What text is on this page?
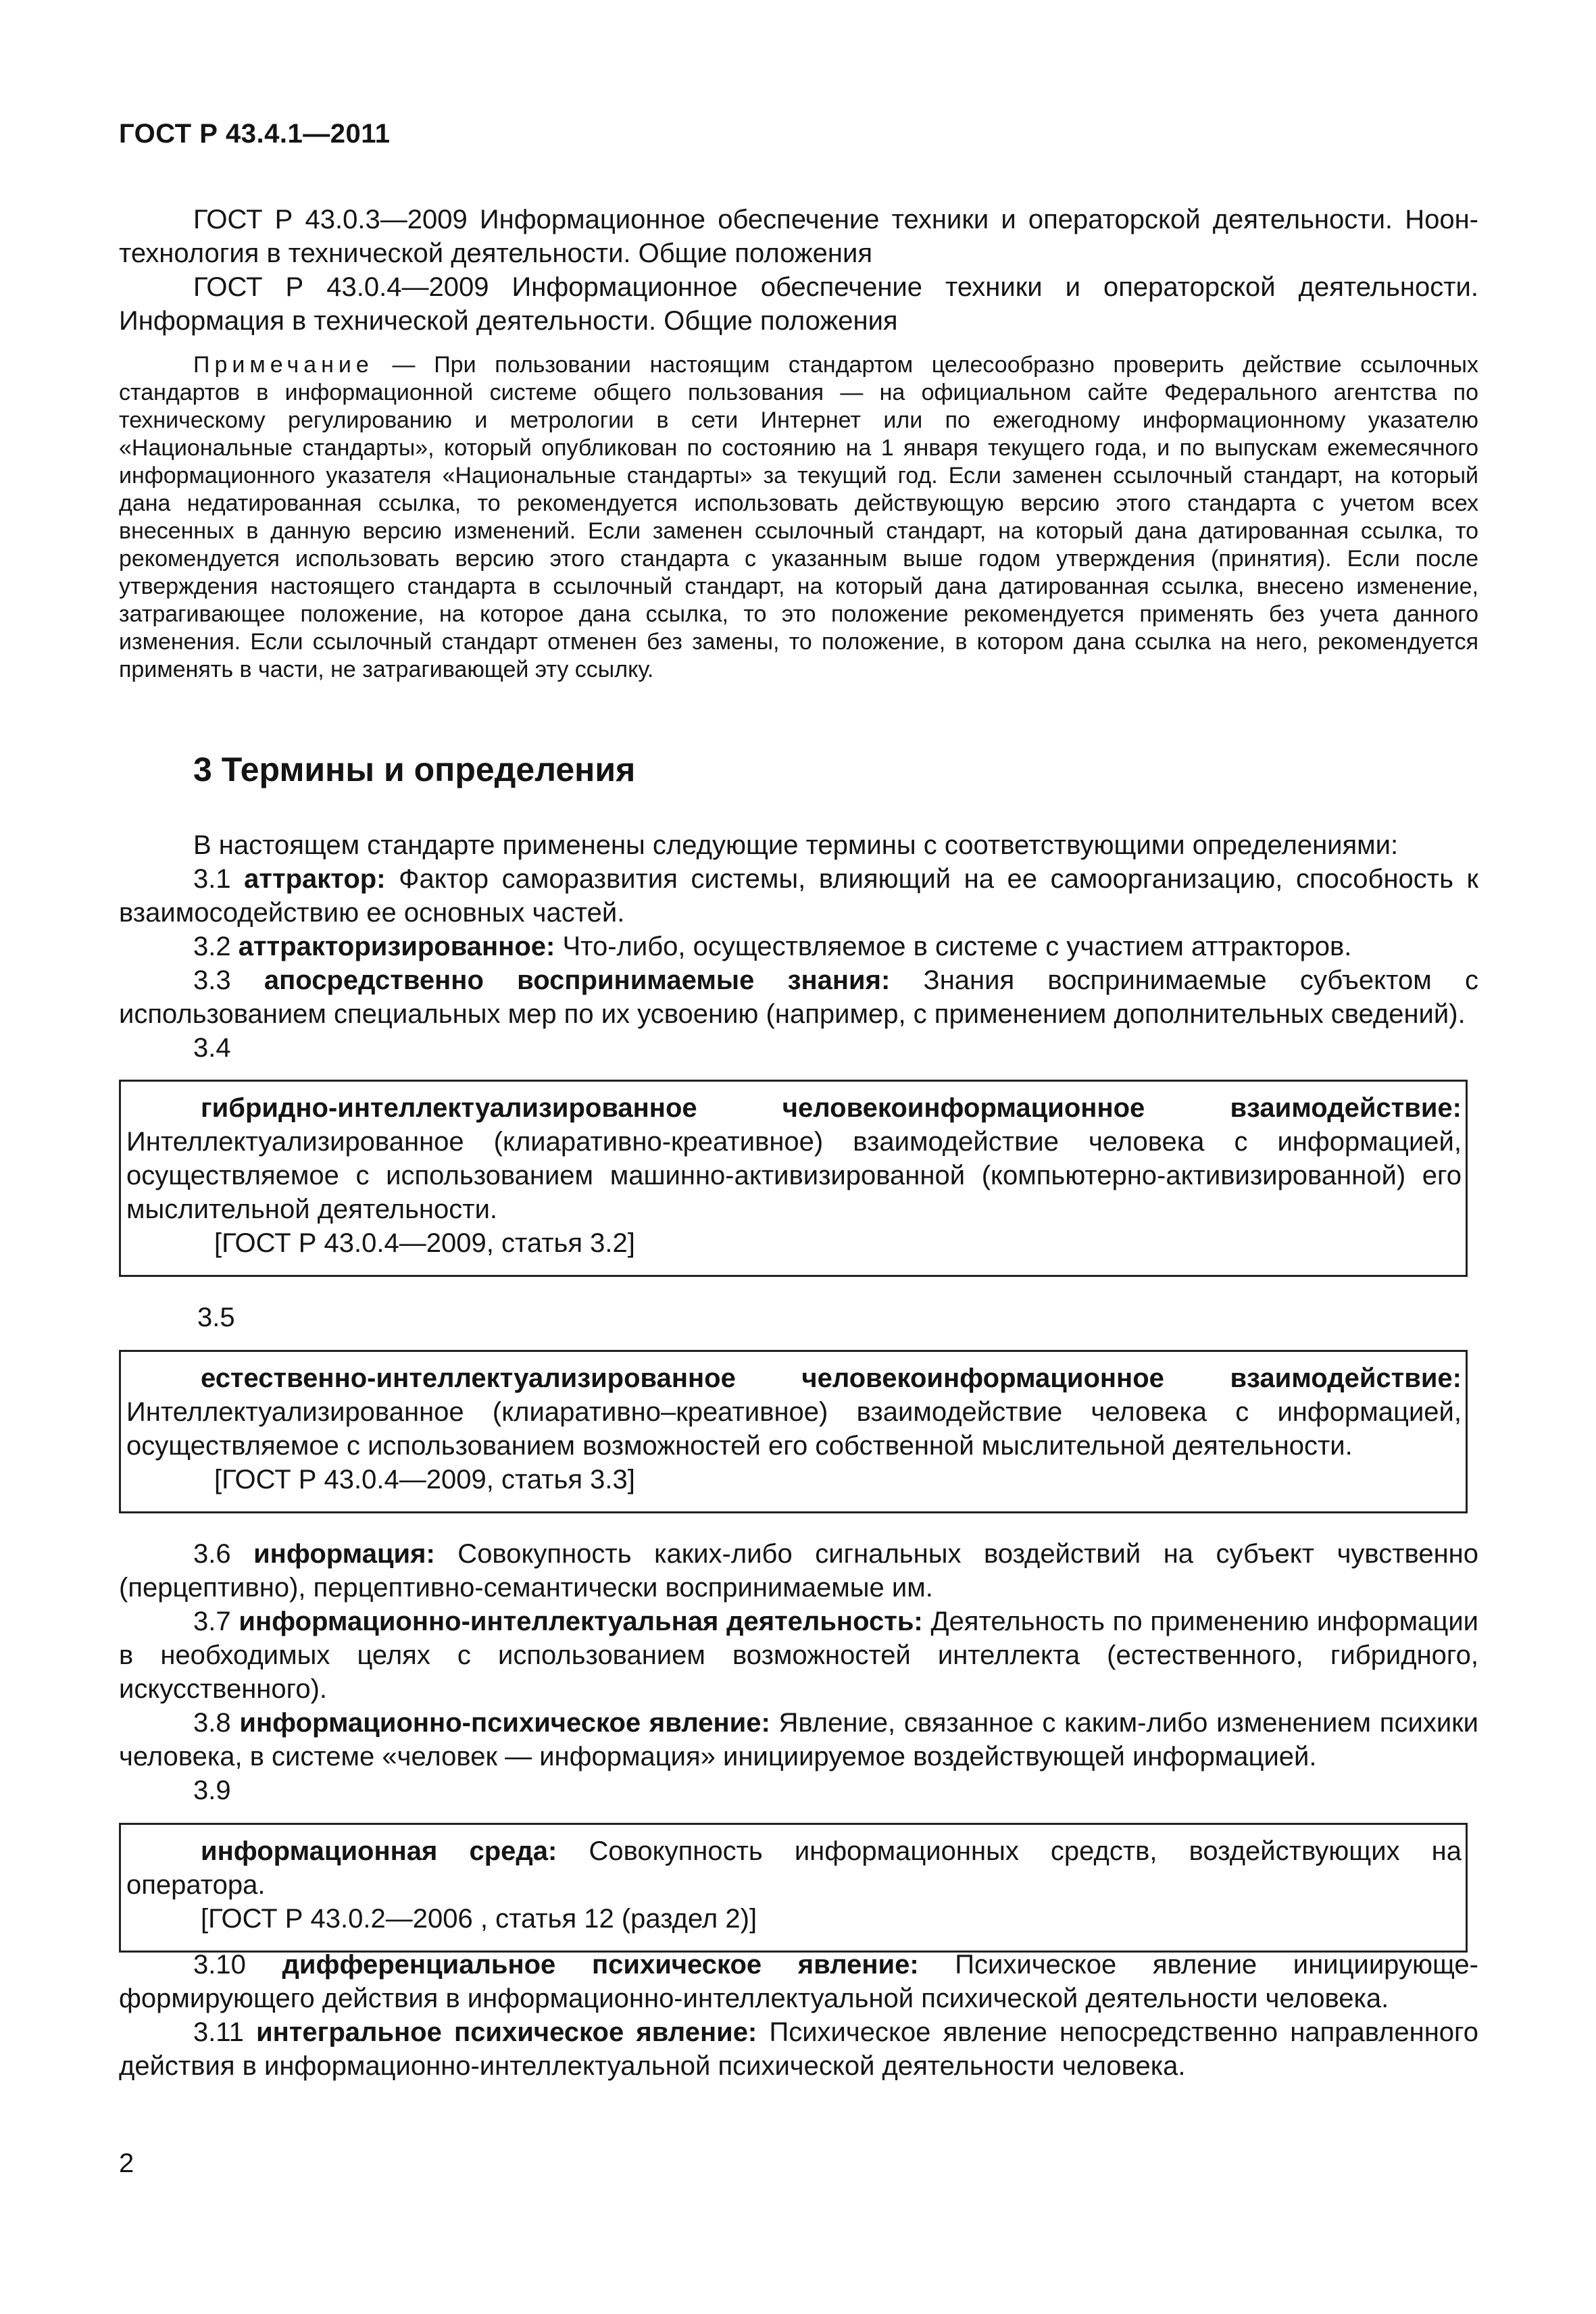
ГОСТ Р 43.4.1—2011

ГОСТ Р 43.0.3—2009 Информационное обеспечение техники и операторской деятельности. Ноон-технология в технической деятельности. Общие положения

ГОСТ Р 43.0.4—2009 Информационное обеспечение техники и операторской деятельности. Информация в технической деятельности. Общие положения

Примечание — При пользовании настоящим стандартом целесообразно проверить действие ссылочных стандартов в информационной системе общего пользования — на официальном сайте Федерального агентства по техническому регулированию и метрологии в сети Интернет или по ежегодному информационному указателю «Национальные стандарты», который опубликован по состоянию на 1 января текущего года, и по выпускам ежемесячного информационного указателя «Национальные стандарты» за текущий год. Если заменен ссылочный стандарт, на который дана недатированная ссылка, то рекомендуется использовать действующую версию этого стандарта с учетом всех внесенных в данную версию изменений. Если заменен ссылочный стандарт, на который дана датированная ссылка, то рекомендуется использовать версию этого стандарта с указанным выше годом утверждения (принятия). Если после утверждения настоящего стандарта в ссылочный стандарт, на который дана датированная ссылка, внесено изменение, затрагивающее положение, на которое дана ссылка, то это положение рекомендуется применять без учета данного изменения. Если ссылочный стандарт отменен без замены, то положение, в котором дана ссылка на него, рекомендуется применять в части, не затрагивающей эту ссылку.

3 Термины и определения

В настоящем стандарте применены следующие термины с соответствующими определениями:

3.1 аттрактор: Фактор саморазвития системы, влияющий на ее самоорганизацию, способность к взаимосодействию ее основных частей.

3.2 аттракторизированное: Что-либо, осуществляемое в системе с участием аттракторов.

3.3 апосредственно воспринимаемые знания: Знания воспринимаемые субъектом с использованием специальных мер по их усвоению (например, с применением дополнительных сведений).

3.4

гибридно-интеллектуализированное человекоинформационное взаимодействие: Интеллектуализированное (клиаративно-креативное) взаимодействие человека с информацией, осуществляемое с использованием машинно-активизированной (компьютерно-активизированной) его мыслительной деятельности.

[ГОСТ Р 43.0.4—2009, статья 3.2]

3.5

естественно-интеллектуализированное человекоинформационное взаимодействие: Интеллектуализированное (клиаративно–креативное) взаимодействие человека с информацией, осуществляемое с использованием возможностей его собственной мыслительной деятельности.

[ГОСТ Р 43.0.4—2009, статья 3.3]

3.6 информация: Совокупность каких-либо сигнальных воздействий на субъект чувственно (перцептивно), перцептивно-семантически воспринимаемые им.

3.7 информационно-интеллектуальная деятельность: Деятельность по применению информации в необходимых целях с использованием возможностей интеллекта (естественного, гибридного, искусственного).

3.8 информационно-психическое явление: Явление, связанное с каким-либо изменением психики человека, в системе «человек — информация» инициируемое воздействующей информацией.

3.9

информационная среда: Совокупность информационных средств, воздействующих на оператора.

[ГОСТ Р 43.0.2—2006 , статья 12 (раздел 2)]

3.10 дифференциальное психическое явление: Психическое явление инициирующе-формирующего действия в информационно-интеллектуальной психической деятельности человека.

3.11 интегральное психическое явление: Психическое явление непосредственно направленного действия в информационно-интеллектуальной психической деятельности человека.

2
